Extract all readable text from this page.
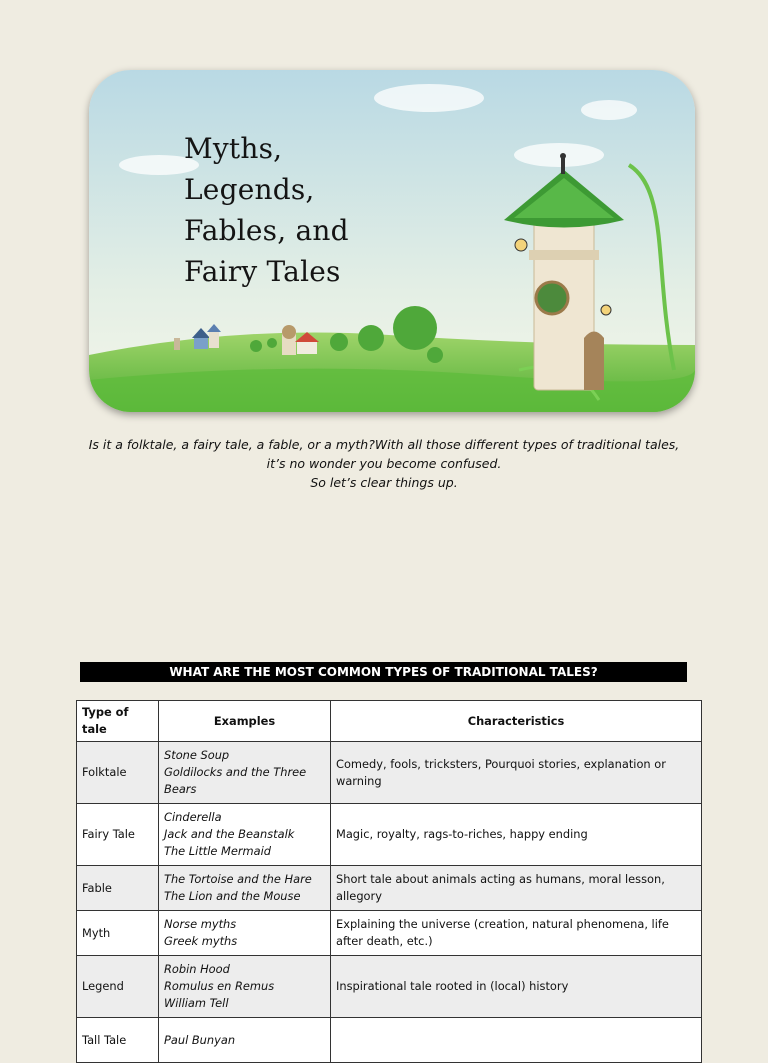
Myths,
Legends,
Fables, and
Fairy Tales
Is it a folktale, a fairy tale, a fable, or a myth?With all those different types of traditional tales,
it’s no wonder you become confused.
So let’s clear things up.
WHAT ARE THE MOST COMMON TYPES OF TRADITIONAL TALES?
Type of tale	Examples	Characteristics
Folktale	Stone Soup
Goldilocks and the Three
Bears	Comedy, fools, tricksters, Pourquoi stories, explanation or warning
Fairy Tale	Cinderella
Jack and the Beanstalk
The Little Mermaid	Magic, royalty, rags-to-riches, happy ending
Fable	The Tortoise and the Hare
The Lion and the Mouse	Short tale about animals acting as humans, moral lesson, allegory
Myth	Norse myths
Greek myths	Explaining the universe (creation, natural phenomena, life after death, etc.)
Legend	Robin Hood
Romulus en Remus
William Tell	Inspirational tale rooted in (local) history
Tall Tale	Paul Bunyan	
